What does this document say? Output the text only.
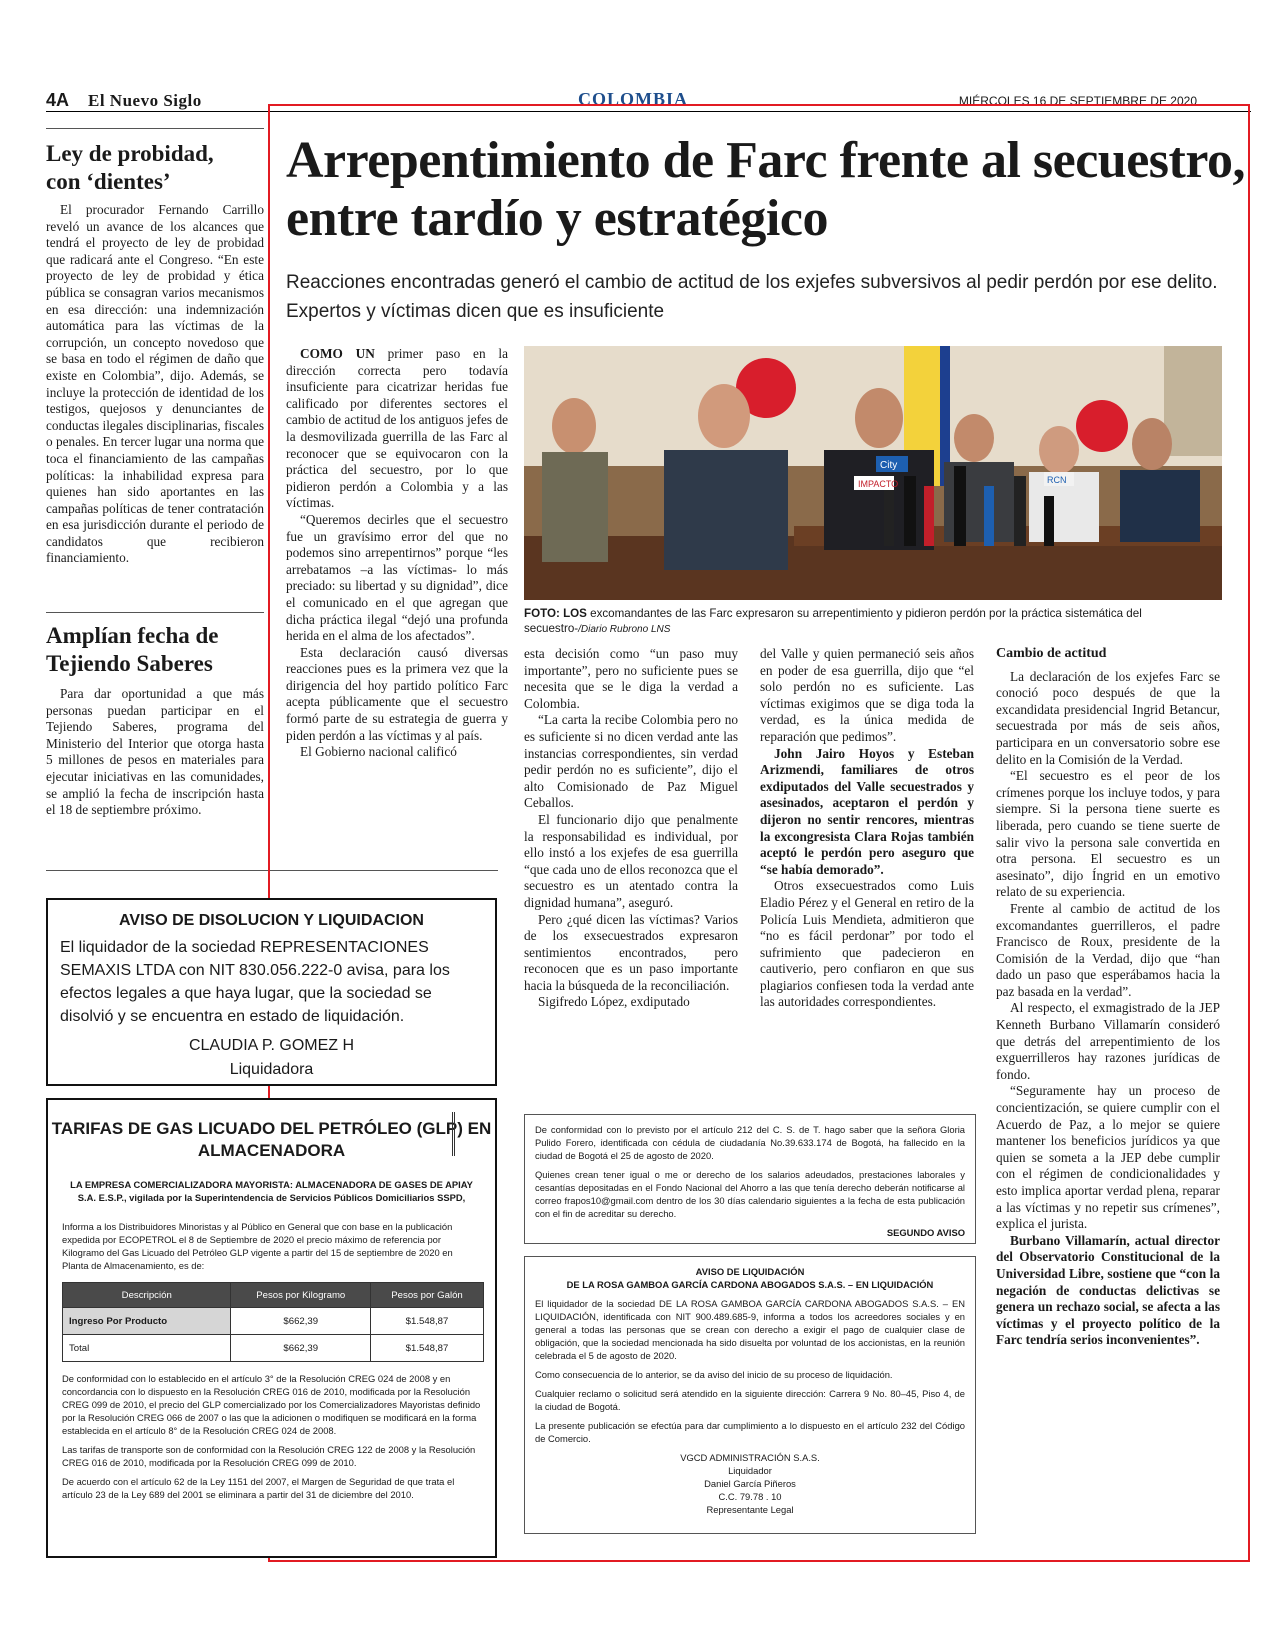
4A El Nuevo Siglo	COLOMBIA	MIÉRCOLES 16 DE SEPTIEMBRE DE 2020
Ley de probidad, con ‘dientes’
El procurador Fernando Carrillo reveló un avance de los alcances que tendrá el proyecto de ley de probidad que radicará ante el Congreso. “En este proyecto de ley de probidad y ética pública se consagran varios mecanismos en esa dirección: una indemnización automática para las víctimas de la corrupción, un concepto novedoso que se basa en todo el régimen de daño que existe en Colombia”, dijo. Además, se incluye la protección de identidad de los testigos, quejosos y denunciantes de conductas ilegales disciplinarias, fiscales o penales. En tercer lugar una norma que toca el financiamiento de las campañas políticas: la inhabilidad expresa para quienes han sido aportantes en las campañas políticas de tener contratación en esa jurisdicción durante el periodo de candidatos que recibieron financiamiento.
Amplían fecha de Tejiendo Saberes
Para dar oportunidad a que más personas puedan participar en el Tejiendo Saberes, programa del Ministerio del Interior que otorga hasta 5 millones de pesos en materiales para ejecutar iniciativas en las comunidades, se amplió la fecha de inscripción hasta el 18 de septiembre próximo.
Arrepentimiento de Farc frente al secuestro, entre tardío y estratégico
Reacciones encontradas generó el cambio de actitud de los exjefes subversivos al pedir perdón por ese delito. Expertos y víctimas dicen que es insuficiente

COMO UN primer paso en la dirección correcta pero todavía insuficiente para cicatrizar heridas fue calificado por diferentes sectores el cambio de actitud de los antiguos jefes de la desmovilizada guerrilla de las Farc al reconocer que se equivocaron con la práctica del secuestro, por lo que pidieron perdón a Colombia y a las víctimas.

“Queremos decirles que el secuestro fue un gravísimo error del que no podemos sino arrepentirnos” porque “les arrebatamos –a las víctimas- lo más preciado: su libertad y su dignidad”, dice el comunicado en el que agregan que dicha práctica ilegal “dejó una profunda herida en el alma de los afectados”.

Esta declaración causó diversas reacciones pues es la primera vez que la dirigencia del hoy partido político Farc acepta públicamente que el secuestro formó parte de su estrategia de guerra y piden perdón a las víctimas y al país.

El Gobierno nacional calificó

IMPACTO
City
RCN
FOTO: LOS excomandantes de las Farc expresaron su arrepentimiento y pidieron perdón por la práctica sistemática del secuestro-/Diario Rubrono LNS

esta decisión como “un paso muy importante”, pero no suficiente pues se necesita que se le diga la verdad a Colombia.

“La carta la recibe Colombia pero no es suficiente si no dicen verdad ante las instancias correspondientes, sin verdad pedir perdón no es suficiente”, dijo el alto Comisionado de Paz Miguel Ceballos.

El funcionario dijo que penalmente la responsabilidad es individual, por ello instó a los exjefes de esa guerrilla “que cada uno de ellos reconozca que el secuestro es un atentado contra la dignidad humana”, aseguró.

Pero ¿qué dicen las víctimas? Varios de los exsecuestrados expresaron sentimientos encontrados, pero reconocen que es un paso importante hacia la búsqueda de la reconciliación.

Sigifredo López, exdiputado

del Valle y quien permaneció seis años en poder de esa guerrilla, dijo que “el solo perdón no es suficiente. Las víctimas exigimos que se diga toda la verdad, es la única medida de reparación que pedimos”.

John Jairo Hoyos y Esteban Arizmendi, familiares de otros exdiputados del Valle secuestrados y asesinados, aceptaron el perdón y dijeron no sentir rencores, mientras la excongresista Clara Rojas también aceptó le perdón pero aseguro que “se había demorado”.

Otros exsecuestrados como Luis Eladio Pérez y el General en retiro de la Policía Luis Mendieta, admitieron que “no es fácil perdonar” por todo el sufrimiento que padecieron en cautiverio, pero confiaron en que sus plagiarios confiesen toda la verdad ante las autoridades correspondientes.

Cambio de actitud

La declaración de los exjefes Farc se conoció poco después de que la excandidata presidencial Ingrid Betancur, secuestrada por más de seis años, participara en un conversatorio sobre ese delito en la Comisión de la Verdad.

“El secuestro es el peor de los crímenes porque los incluye todos, y para siempre. Si la persona tiene suerte es liberada, pero cuando se tiene suerte de salir vivo la persona sale convertida en otra persona. El secuestro es un asesinato”, dijo Íngrid en un emotivo relato de su experiencia.

Frente al cambio de actitud de los excomandantes guerrilleros, el padre Francisco de Roux, presidente de la Comisión de la Verdad, dijo que “han dado un paso que esperábamos hacia la paz basada en la verdad”.

Al respecto, el exmagistrado de la JEP Kenneth Burbano Villamarín consideró que detrás del arrepentimiento de los exguerrilleros hay razones jurídicas de fondo.

“Seguramente hay un proceso de concientización, se quiere cumplir con el Acuerdo de Paz, a lo mejor se quiere mantener los beneficios jurídicos ya que quien se someta a la JEP debe cumplir con el régimen de condicionalidades y esto implica aportar verdad plena, reparar a las víctimas y no repetir sus crímenes”, explica el jurista.

Burbano Villamarín, actual director del Observatorio Constitucional de la Universidad Libre, sostiene que “con la negación de conductas delictivas se genera un rechazo social, se afecta a las víctimas y el proyecto político de la Farc tendría serios inconvenientes”.

AVISO DE DISOLUCION Y LIQUIDACION
El liquidador de la sociedad REPRESENTACIONES SEMAXIS LTDA con NIT 830.056.222-0 avisa, para los efectos legales a que haya lugar, que la sociedad se disolvió y se encuentra en estado de liquidación.
CLAUDIA P. GOMEZ H
Liquidadora
TARIFAS DE GAS LICUADO DEL PETRÓLEO (GLP) EN ALMACENADORA
LA EMPRESA COMERCIALIZADORA MAYORISTA: ALMACENADORA DE GASES DE APIAY S.A. E.S.P., vigilada por la Superintendencia de Servicios Públicos Domiciliarios SSPD,
Informa a los Distribuidores Minoristas y al Público en General que con base en la publicación expedida por ECOPETROL el 8 de Septiembre de 2020 el precio máximo de referencia por Kilogramo del Gas Licuado del Petróleo GLP vigente a partir del 15 de septiembre de 2020 en Planta de Almacenamiento, es de:
Descripción	Pesos por Kilogramo	Pesos por Galón
Ingreso Por Producto	$662,39	$1.548,87
Total	$662,39	$1.548,87
De conformidad con lo establecido en el artículo 3° de la Resolución CREG 024 de 2008 y en concordancia con lo dispuesto en la Resolución CREG 016 de 2010, modificada por la Resolución CREG 099 de 2010, el precio del GLP comercializado por los Comercializadores Mayoristas definido por la Resolución CREG 066 de 2007 o las que la adicionen o modifiquen se modificará en la forma establecida en el artículo 8° de la Resolución CREG 024 de 2008.
Las tarifas de transporte son de conformidad con la Resolución CREG 122 de 2008 y la Resolución CREG 016 de 2010, modificada por la Resolución CREG 099 de 2010.
De acuerdo con el artículo 62 de la Ley 1151 del 2007, el Margen de Seguridad de que trata el artículo 23 de la Ley 689 del 2001 se eliminara a partir del 31 de diciembre del 2010.

De conformidad con lo previsto por el artículo 212 del C. S. de T. hago saber que la señora Gloria Pulido Forero, identificada con cédula de ciudadanía No.39.633.174 de Bogotá, ha fallecido en la ciudad de Bogotá el 25 de agosto de 2020.

Quienes crean tener igual o me or derecho de los salarios adeudados, prestaciones laborales y cesantías depositadas en el Fondo Nacional del Ahorro a las que tenía derecho deberán notificarse al correo frapos10@gmail.com dentro de los 30 días calendario siguientes a la fecha de esta publicación con el fin de acreditar su derecho.

SEGUNDO AVISO

AVISO DE LIQUIDACIÓN

DE LA ROSA GAMBOA GARCÍA CARDONA ABOGADOS S.A.S. – EN LIQUIDACIÓN

El liquidador de la sociedad DE LA ROSA GAMBOA GARCÍA CARDONA ABOGADOS S.A.S. – EN LIQUIDACIÓN, identificada con NIT 900.489.685-9, informa a todos los acreedores sociales y en general a todas las personas que se crean con derecho a exigir el pago de cualquier clase de obligación, que la sociedad mencionada ha sido disuelta por voluntad de los accionistas, en la reunión celebrada el 5 de agosto de 2020.

Como consecuencia de lo anterior, se da aviso del inicio de su proceso de liquidación.

Cualquier reclamo o solicitud será atendido en la siguiente dirección: Carrera 9 No. 80–45, Piso 4, de la ciudad de Bogotá.

La presente publicación se efectúa para dar cumplimiento a lo dispuesto en el artículo 232 del Código de Comercio.

VGCD ADMINISTRACIÓN S.A.S.

Liquidador

Daniel García Piñeros

C.C. 79.78 . 10

Representante Legal
